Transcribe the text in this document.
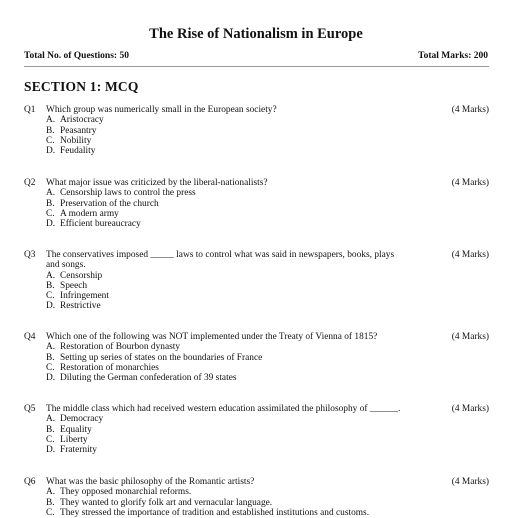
The Rise of Nationalism in Europe
Total No. of Questions: 50	Total Marks: 200
SECTION 1: MCQ
Q1 Which group was numerically small in the European society?	(4 Marks)
A. Aristocracy
B. Peasantry
C. Nobility
D. Feudality
Q2 What major issue was criticized by the liberal-nationalists?	(4 Marks)
A. Censorship laws to control the press
B. Preservation of the church
C. A modern army
D. Efficient bureaucracy
Q3 The conservatives imposed _____ laws to control what was said in newspapers, books, plays and songs.
(4 Marks)
A. Censorship
B. Speech
C. Infringement
D. Restrictive
Q4 Which one of the following was NOT implemented under the Treaty of Vienna of 1815?	(4 Marks)
A. Restoration of Bourbon dynasty
B. Setting up series of states on the boundaries of France
C. Restoration of monarchies
D. Diluting the German confederation of 39 states
Q5 The middle class which had received western education assimilated the philosophy of ______.	(4 Marks)
A. Democracy
B. Equality
C. Liberty
D. Fraternity
Q6 What was the basic philosophy of the Romantic artists?	(4 Marks)
A. They opposed monarchial reforms.
B. They wanted to glorify folk art and vernacular language.
C. They stressed the importance of tradition and established institutions and customs.
